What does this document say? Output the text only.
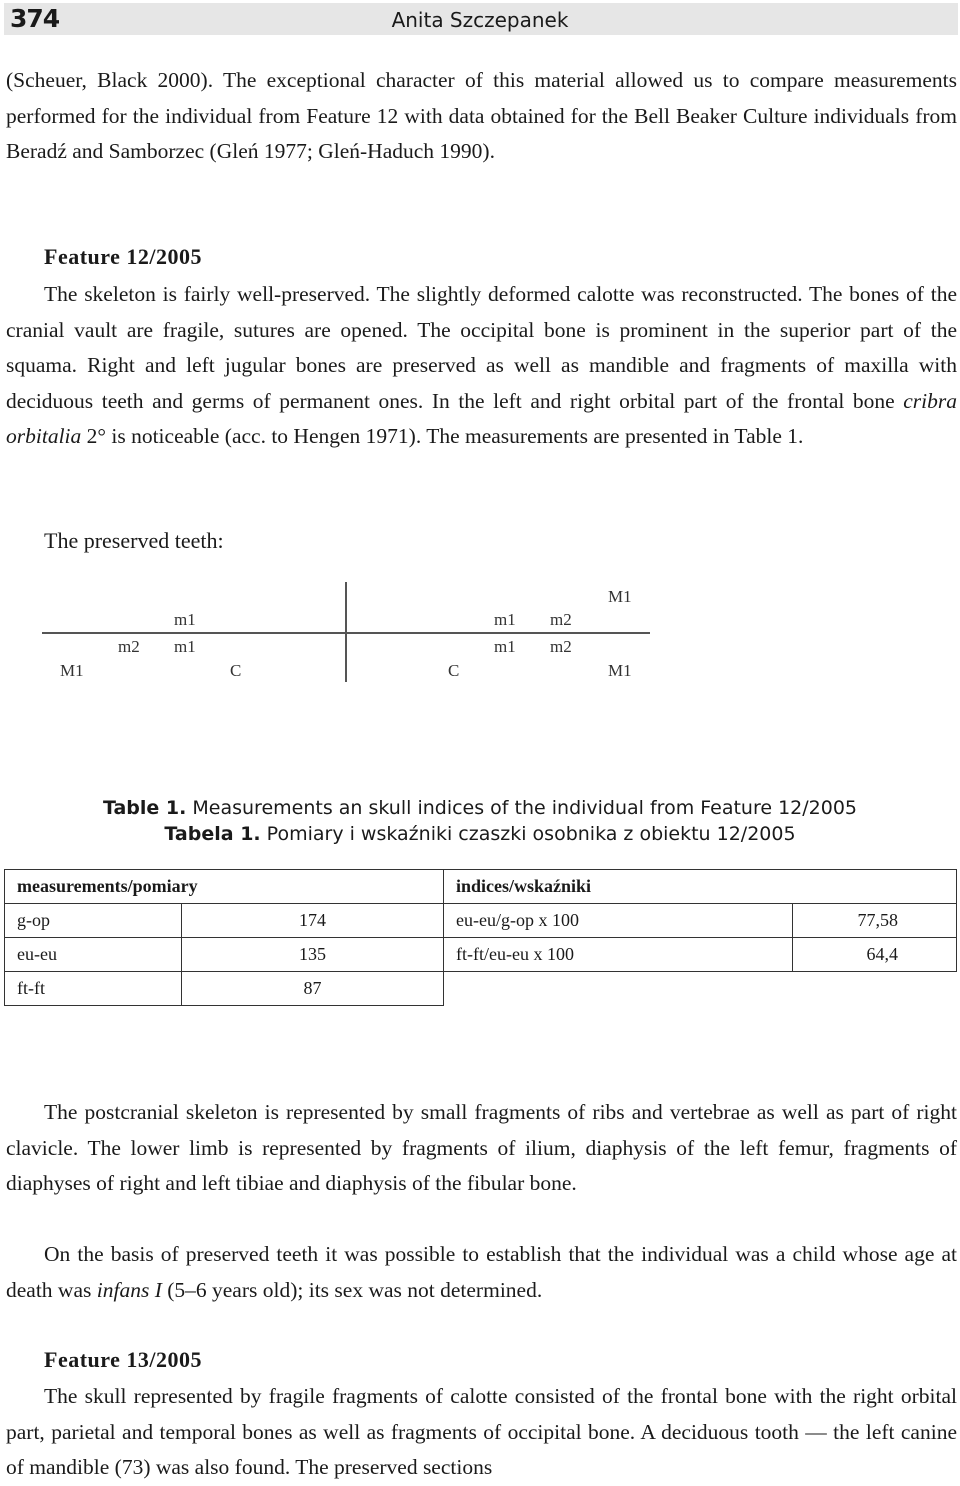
374	Anita Szczepanek

(Scheuer, Black 2000). The exceptional character of this material allowed us to compare measurements performed for the individual from Feature 12 with data obtained for the Bell Beaker Culture individuals from Beradź and Samborzec (Gleń 1977; Gleń-Haduch 1990).

Feature 12/2005

The skeleton is fairly well-preserved. The slightly deformed calotte was reconstructed. The bones of the cranial vault are fragile, sutures are opened. The occipital bone is prominent in the superior part of the squama. Right and left jugular bones are preserved as well as mandible and fragments of maxilla with deciduous teeth and germs of permanent ones. In the left and right orbital part of the frontal bone cribra orbitalia 2° is noticeable (acc. to Hengen 1971). The measurements are presented in Table 1.

The preserved teeth:
m1
m2 m1
M1	C
M1
m1 m2
m1 m2
C	M1
Table 1. Measurements an skull indices of the individual from Feature 12/2005
Tabela 1. Pomiary i wskaźniki czaszki osobnika z obiektu 12/2005
measurements/pomiary		indices/wskaźniki	
g-op	174	eu-eu/g-op x 100	77,58
eu-eu	135	ft-ft/eu-eu x 100	64,4
ft-ft	87		

The postcranial skeleton is represented by small fragments of ribs and vertebrae as well as part of right clavicle. The lower limb is represented by fragments of ilium, diaphysis of the left femur, fragments of diaphyses of right and left tibiae and diaphysis of the fibular bone.

On the basis of preserved teeth it was possible to establish that the individual was a child whose age at death was infans I (5–6 years old); its sex was not determined.

Feature 13/2005

The skull represented by fragile fragments of calotte consisted of the frontal bone with the right orbital part, parietal and temporal bones as well as fragments of occipital bone. A deciduous tooth — the left canine of mandible (73) was also found. The preserved sections
